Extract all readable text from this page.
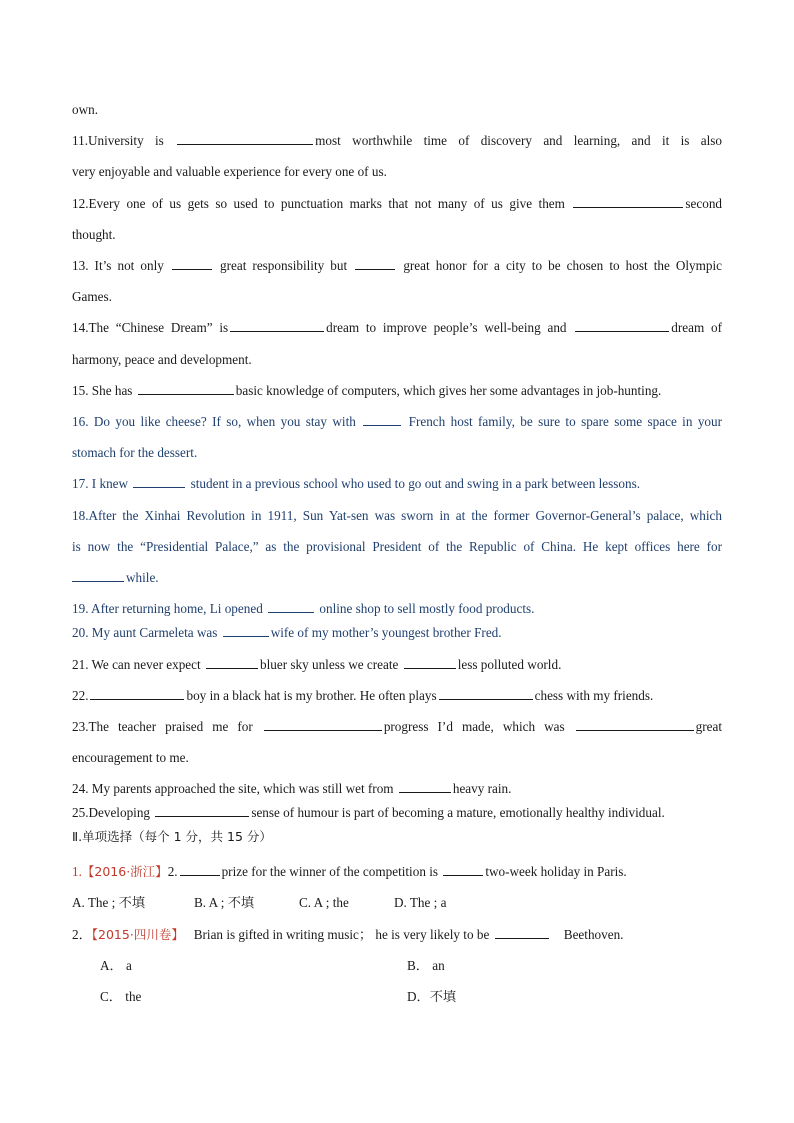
own.
11.University is	most worthwhile time of discovery and learning, and it is also
very enjoyable and valuable experience for every one of us.
12.Every one of us gets so used to punctuation marks that not many of us give them	second
thought.
13. It’s not only	great responsibility but	great honor for a city to be chosen to host the Olympic
Games.
14.The “Chinese Dream” is	dream to improve people’s well-being and	dream of
harmony, peace and development.
15. She has	basic knowledge of computers, which gives her some advantages in job-hunting.
16. Do you like cheese? If so, when you stay with	French host family, be sure to spare some space in your
stomach for the dessert.
17. I knew	student in a previous school who used to go out and swing in a park between lessons.
18.After the Xinhai Revolution in 1911, Sun Yat-sen was sworn in at the former Governor-General’s palace, which
is now the “Presidential Palace,” as the provisional President of the Republic of China. He kept offices here for
while.
19. After returning home, Li opened	online shop to sell mostly food products.
20. My aunt Carmeleta was	wife of my mother’s youngest brother Fred.
21. We can never expect	bluer sky unless we create	less polluted world.
22.	boy in a black hat is my brother. He often plays	chess with my friends.
23.The teacher praised me for	progress I’d made, which was	great
encouragement to me.
24. My parents approached the site, which was still wet from	heavy rain.
25.Developing	sense of humour is part of becoming a mature, emotionally healthy individual.
Ⅱ.单项选择（每个 1 分，共 15 分）
1.【2016·浙江】2.	prize for the winner of the competition is	two-week holiday in Paris.
A. The ; 不填	B. A ; 不填	C. A ; the	D. The ; a
2．【2015·四川卷】 Brian is gifted in writing music； he is very likely to be	Beethoven.
A． a	B． an
C． the	D．不填
